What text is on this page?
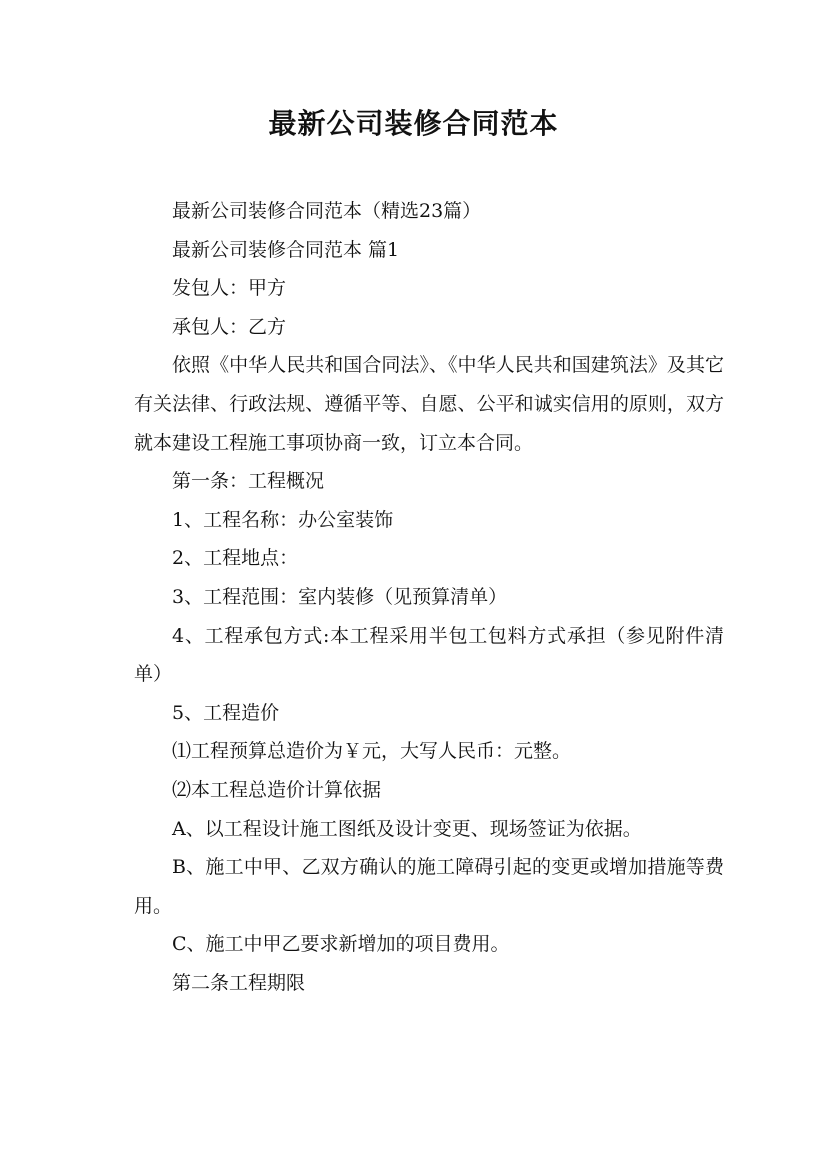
最新公司装修合同范本

最新公司装修合同范本（精选23篇）

最新公司装修合同范本 篇1

发包人：甲方

承包人：乙方

依照《中华人民共和国合同法》、《中华人民共和国建筑法》及其它有关法律、行政法规、遵循平等、自愿、公平和诚实信用的原则，双方就本建设工程施工事项协商一致，订立本合同。

第一条：工程概况

1、工程名称：办公室装饰

2、工程地点：

3、工程范围：室内装修（见预算清单）

4、工程承包方式:本工程采用半包工包料方式承担（参见附件清单）

5、工程造价

⑴工程预算总造价为￥元，大写人民币：元整。

⑵本工程总造价计算依据

A、以工程设计施工图纸及设计变更、现场签证为依据。

B、施工中甲、乙双方确认的施工障碍引起的变更或增加措施等费用。

C、施工中甲乙要求新增加的项目费用。

第二条工程期限
